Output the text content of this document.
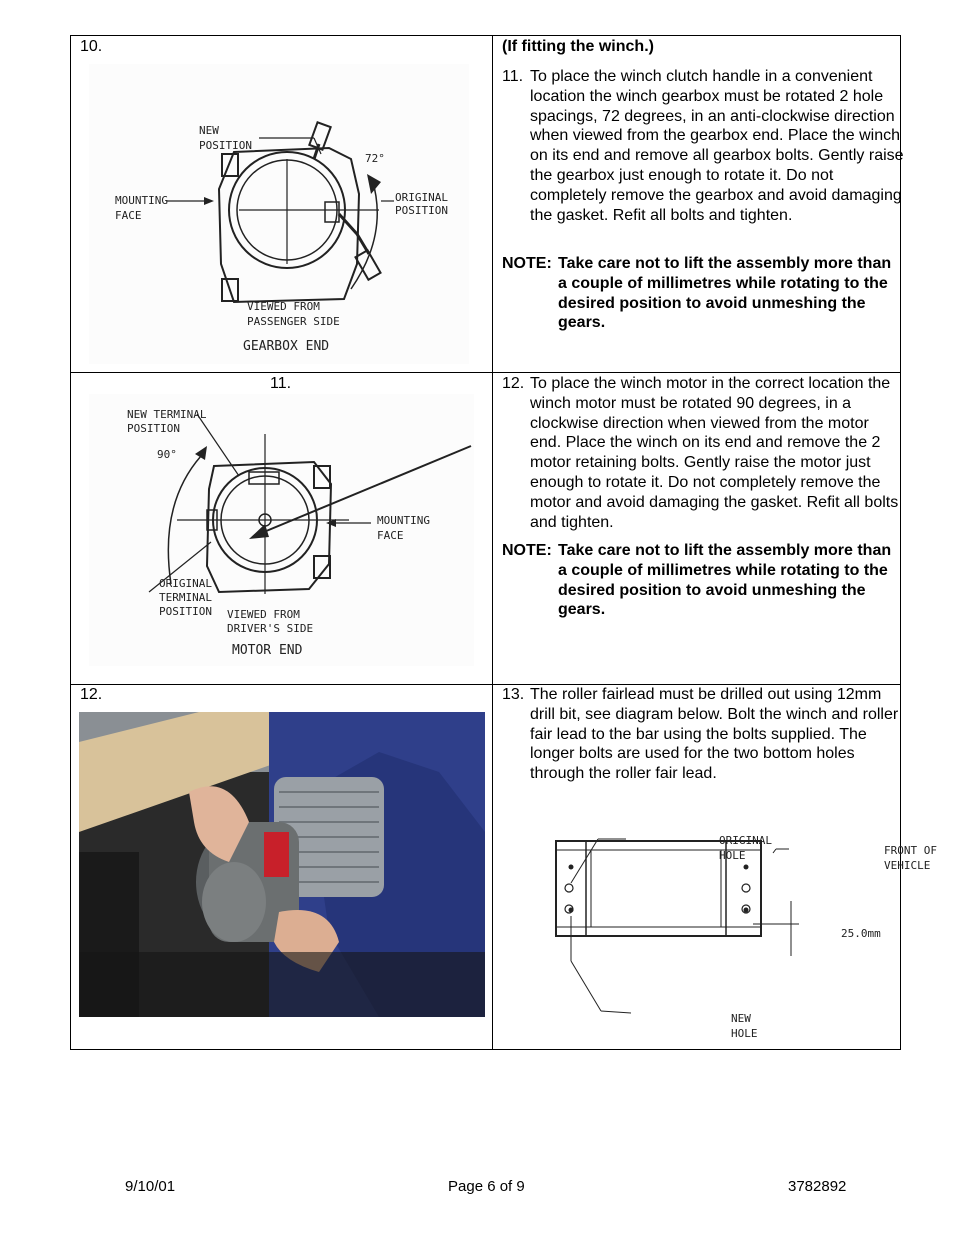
10.
NEW
POSITION
72°
ORIGINAL
POSITION
MOUNTING
FACE
VIEWED FROM
PASSENGER SIDE
GEARBOX END
(If fitting the winch.)
11. To place the winch clutch handle in a convenient location the winch gearbox must be rotated 2 hole spacings, 72 degrees, in an anti-clockwise direction when viewed from the gearbox end. Place the winch on its end and remove all gearbox bolts. Gently raise the gearbox just enough to rotate it. Do not completely remove the gearbox and avoid damaging the gasket. Refit all bolts and tighten.
NOTE: Take care not to lift the assembly more than a couple of millimetres while rotating to the desired position to avoid unmeshing the gears.
11.
NEW TERMINAL
POSITION
90°
MOUNTING
FACE
ORIGINAL
TERMINAL
POSITION VIEWED FROM
DRIVER'S SIDE
MOTOR END
12. To place the winch motor in the correct location the winch motor must be rotated 90 degrees, in a clockwise direction when viewed from the motor end. Place the winch on its end and remove the 2 motor retaining bolts. Gently raise the motor just enough to rotate it. Do not completely remove the motor and avoid damaging the gasket. Refit all bolts and tighten.
NOTE: Take care not to lift the assembly more than a couple of millimetres while rotating to the desired position to avoid unmeshing the gears.
12.	13. The roller fairlead must be drilled out using 12mm drill bit, see diagram below. Bolt the winch and roller fair lead to the bar using the bolts supplied. The longer bolts are used for the two bottom holes through the roller fair lead.
ORIGINAL
HOLE	FRONT OF
VEHICLE
25.0mm
NEW
HOLE
9/10/01	Page 6 of 9	3782892
